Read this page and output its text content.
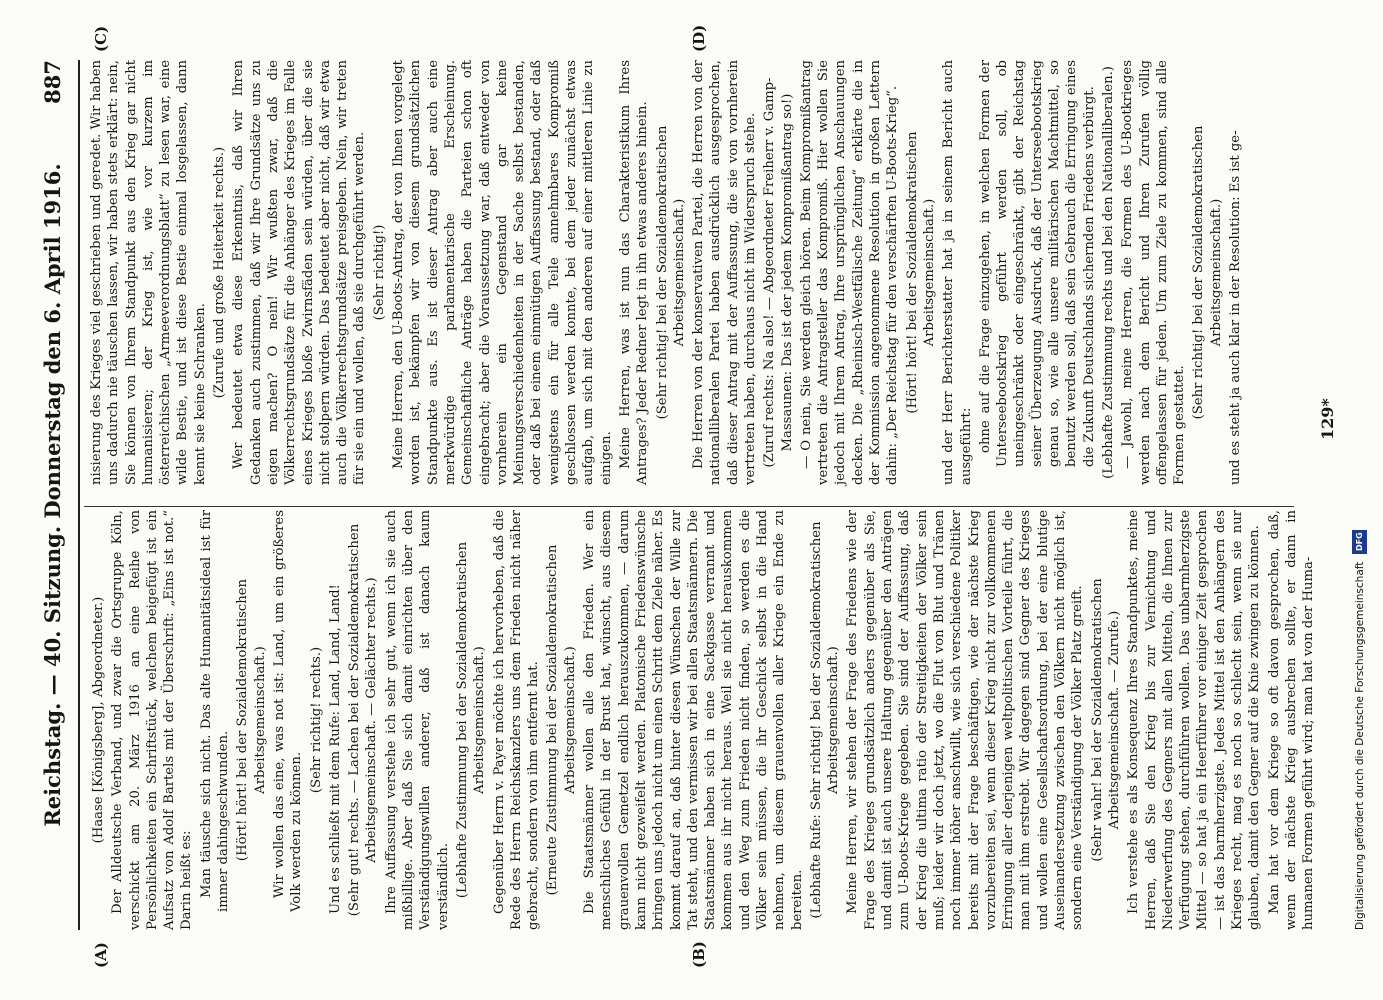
Reichstag. — 40. Sitzung. Donnerstag den 6. April 1916.
887
(A)	(B)
(C)	(D)

(Haase [Königsberg], Abgeordneter.) Der Alldeutsche Verband, und zwar die Ortsgruppe Köln, verschickt am 20. März 1916 an eine Reihe von Persönlichkeiten ein Schriftstück, welchem beigefügt ist ein Aufsatz von Adolf Bartels mit der Überschrift: „Eins ist not.“ Darin heißt es: Man täusche sich nicht. Das alte Humanitätsideal ist für immer dahingeschwunden. (Hört! hört! bei der Sozialdemokratischen Arbeitsgemeinschaft.) Wir wollen das eine, was not ist: Land, um ein größeres Volk werden zu können.

(Sehr richtig! rechts.) Und es schließt mit dem Rufe: Land, Land, Land! (Sehr gut! rechts. — Lachen bei der Sozialdemokratischen Arbeitsgemeinschaft. — Gelächter rechts.) Ihre Auffassung verstehe ich sehr gut, wenn ich sie auch mißbillige. Aber daß Sie sich damit einrichten über den Verständigungswillen anderer, daß ist danach kaum verständlich. (Lebhafte Zustimmung bei der Sozialdemokratischen Arbeitsgemeinschaft.) Gegenüber Herrn v. Payer möchte ich hervorheben, daß die Rede des Herrn Reichskanzlers uns dem Frieden nicht näher gebracht, sondern von ihm entfernt hat. (Erneute Zustimmung bei der Sozialdemokratischen Arbeitsgemeinschaft.) Die Staatsmänner wollen alle den Frieden. Wer ein menschliches Gefühl in der Brust hat, wünscht, aus diesem grauenvollen Gemetzel endlich herauszukommen, — darum kann nicht gezweifelt werden. Platonische Friedenswünsche bringen uns jedoch nicht um einen Schritt dem Ziele näher. Es kommt darauf an, daß hinter diesen Wünschen der Wille zur Tat steht, und den vermissen wir bei allen Staatsmännern. Die Staatsmänner haben sich in eine Sackgasse verrannt und kommen aus ihr nicht heraus. Weil sie nicht herauskommen und den Weg zum Frieden nicht finden, so werden es die Völker sein müssen, die ihr Geschick selbst in die Hand nehmen, um diesem grauenvollen aller Kriege ein Ende zu bereiten. (Lebhafte Rufe: Sehr richtig! bei der Sozialdemokratischen Arbeitsgemeinschaft.) Meine Herren, wir stehen der Frage des Friedens wie der Frage des Krieges grundsätzlich anders gegenüber als Sie, und damit ist auch unsere Haltung gegenüber den Anträgen zum U-Boots-Kriege gegeben. Sie sind der Auffassung, daß der Krieg die ultima ratio der Streitigkeiten der Völker sein muß; leider wir doch jetzt, wo die Flut von Blut und Tränen noch immer höher anschwillt, wie sich verschiedene Politiker bereits mit der Frage beschäftigen, wie der nächste Krieg vorzubereiten sei, wenn dieser Krieg nicht zur vollkommenen Erringung aller derjenigen weltpolitischen Vorteile führt, die man mit ihm erstrebt. Wir dagegen sind Gegner des Krieges und wollen eine Gesellschaftsordnung, bei der eine blutige Auseinandersetzung zwischen den Völkern nicht möglich ist, sondern eine Verständigung der Völker Platz greift. (Sehr wahr! bei der Sozialdemokratischen Arbeitsgemeinschaft. — Zurufe.) Ich verstehe es als Konsequenz Ihres Standpunktes, meine Herren, daß Sie den Krieg bis zur Vernichtung und Niederwerfung des Gegners mit allen Mitteln, die Ihnen zur Verfügung stehen, durchführen wollen. Das unbarmherzigste Mittel — so hat ja ein Heerführer vor einiger Zeit gesprochen — ist das barmherzigste. Jedes Mittel ist den Anhängern des Krieges recht, mag es noch so schlecht sein, wenn sie nur glauben, damit den Gegner auf die Knie zwingen zu können. Man hat vor dem Kriege so oft davon gesprochen, daß, wenn der nächste Krieg ausbrechen sollte, er dann in humanen Formen geführt wird; man hat von der Huma-

nisierung des Krieges viel geschrieben und geredet. Wir haben uns dadurch nie täuschen lassen, wir haben stets erklärt: nein, Sie können von Ihrem Standpunkt aus den Krieg gar nicht humanisieren; der Krieg ist, wie vor kurzem im österreichischen „Armeeverordnungsblatt“ zu lesen war, eine wilde Bestie, und ist diese Bestie einmal losgelassen, dann kennt sie keine Schranken. (Zurufe und große Heiterkeit rechts.) Wer bedeutet etwa diese Erkenntnis, daß wir Ihren Gedanken auch zustimmen, daß wir Ihre Grundsätze uns zu eigen machen? O nein! Wir wußten zwar, daß die Völkerrechtsgrundsätze für die Anhänger des Krieges im Falle eines Krieges bloße Zwirnsfäden sein würden, über die sie nicht stolpern würden. Das bedeutet aber nicht, daß wir etwa auch die Völkerrechtsgrundsätze preisgeben. Nein, wir treten für sie ein und wollen, daß sie durchgeführt werden. (Sehr richtig!) Meine Herren, den U-Boots-Antrag, der von Ihnen vorgelegt worden ist, bekämpfen wir von diesem grundsätzlichen Standpunkte aus. Es ist dieser Antrag aber auch eine merkwürdige parlamentarische Erscheinung. Gemeinschaftliche Anträge haben die Parteien schon oft eingebracht; aber die Voraussetzung war, daß entweder von vornherein ein Gegenstand gar keine Meinungsverschiedenheiten in der Sache selbst bestanden, oder daß bei einem einmütigen Auffassung bestand, oder daß wenigstens ein für alle Teile annehmbares Kompromiß geschlossen werden konnte, bei dem jeder zunächst etwas aufgab, um sich mit den anderen auf einer mittleren Linie zu einigen. Meine Herren, was ist nun das Charakteristikum Ihres Antrages? Jeder Redner legt in ihn etwas anderes hinein. (Sehr richtig! bei der Sozialdemokratischen Arbeitsgemeinschaft.) Die Herren von der konservativen Partei, die Herren von der nationalliberalen Partei haben ausdrücklich ausgesprochen, daß dieser Antrag mit der Auffassung, die sie von vornherein vertreten haben, durchaus nicht im Widerspruch stehe. (Zuruf rechts: Na also! — Abgeordneter Freiherr v. Gamp-Massaunen: Das ist der jedem Kompromißantrag so!) — O nein, Sie werden gleich hören. Beim Kompromißantrag vertreten die Antragsteller das Kompromiß. Hier wollen Sie jedoch mit Ihrem Antrag, Ihre ursprünglichen Anschauungen decken. Die „Rheinisch-Westfälische Zeitung“ erklärte die in der Kommission angenommene Resolution in großen Lettern dahin: „Der Reichstag für den verschärften U-Boots-Krieg“. (Hört! hört! bei der Sozialdemokratischen Arbeitsgemeinschaft.) und der Herr Berichterstatter hat ja in seinem Bericht auch ausgeführt: ohne auf die Frage einzugehen, in welchen Formen der Unterseebootskrieg geführt werden soll, ob uneingeschränkt oder eingeschränkt, gibt der Reichstag seiner Überzeugung Ausdruck, daß der Unterseebootskrieg genau so, wie alle unsere militärischen Machtmittel, so benutzt werden soll, daß sein Gebrauch die Erringung eines die Zukunft Deutschlands sichernden Friedens verbürgt. (Lebhafte Zustimmung rechts und bei den Nationalliberalen.) — Jawohl, meine Herren, die Formen des U-Bootkrieges werden nach dem Bericht und Ihren Zurufen völlig offengelassen für jeden. Um zum Ziele zu kommen, sind alle Formen gestattet.

(Sehr richtig! bei der Sozialdemokratischen Arbeitsgemeinschaft.) und es steht ja auch klar in der Resolution: Es ist ge-	129*
Digitalisierung gefördert durch die Deutsche Forschungsgemeinschaft
DFG
